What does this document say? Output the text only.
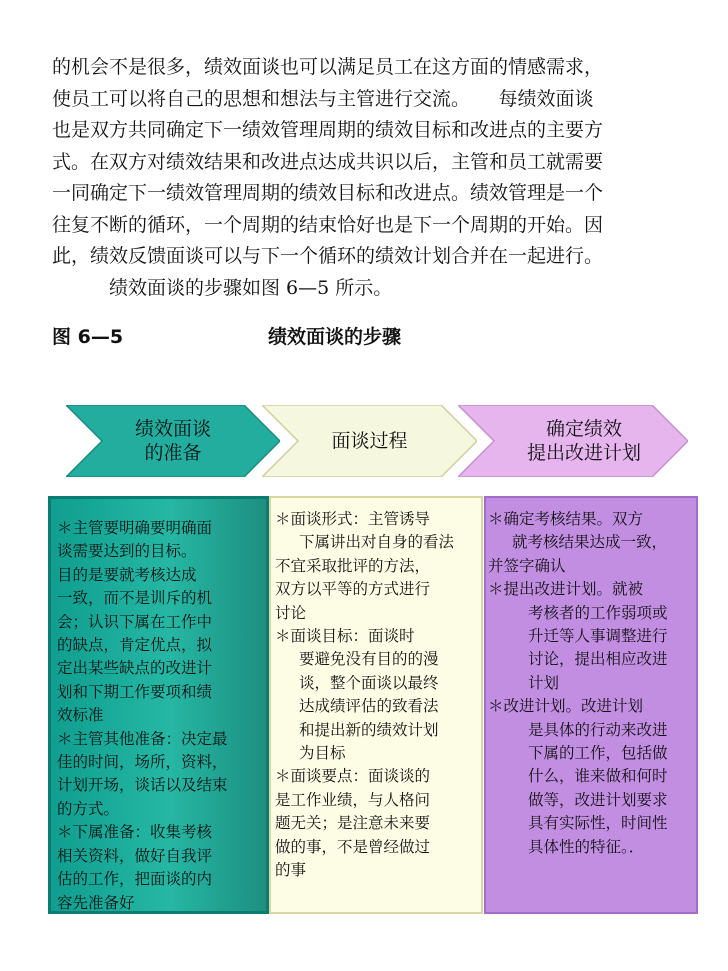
的机会不是很多，绩效面谈也可以满足员工在这方面的情感需求，

使员工可以将自己的思想和想法与主管进行交流。　　每绩效面谈

也是双方共同确定下一绩效管理周期的绩效目标和改进点的主要方

式。在双方对绩效结果和改进点达成共识以后，主管和员工就需要

一同确定下一绩效管理周期的绩效目标和改进点。绩效管理是一个

往复不断的循环，一个周期的结束恰好也是下一个周期的开始。因

此，绩效反馈面谈可以与下一个循环的绩效计划合并在一起进行。

　　　绩效面谈的步骤如图 6—5 所示。

图 6—5	绩效面谈的步骤
绩效面谈
的准备
面谈过程
确定绩效
提出改进计划
＊主管要明确要明确面
谈需要达到的目标。
目的是要就考核达成
一致，而不是训斥的机
会；认识下属在工作中
的缺点，肯定优点，拟
定出某些缺点的改进计
划和下期工作要项和绩
效标准
＊主管其他准备：决定最
佳的时间，场所，资料，
计划开场，谈话以及结束
的方式。
＊下属准备：收集考核
相关资料，做好自我评
估的工作，把面谈的内
容先准备好
＊面谈形式：主管诱导
下属讲出对自身的看法
不宜采取批评的方法，
双方以平等的方式进行
讨论
＊面谈目标：面谈时
要避免没有目的的漫
谈，整个面谈以最终
达成绩评估的致看法
和提出新的绩效计划
为目标
＊面谈要点：面谈谈的
是工作业绩，与人格问
题无关；是注意未来要
做的事，不是曾经做过
的事
＊确定考核结果。双方
就考核结果达成一致，
并签字确认
＊提出改进计划。就被
考核者的工作弱项或
升迁等人事调整进行
讨论，提出相应改进
计划
＊改进计划。改进计划
是具体的行动来改进
下属的工作，包括做
什么，谁来做和何时
做等，改进计划要求
具有实际性，时间性
具体性的特征。．
